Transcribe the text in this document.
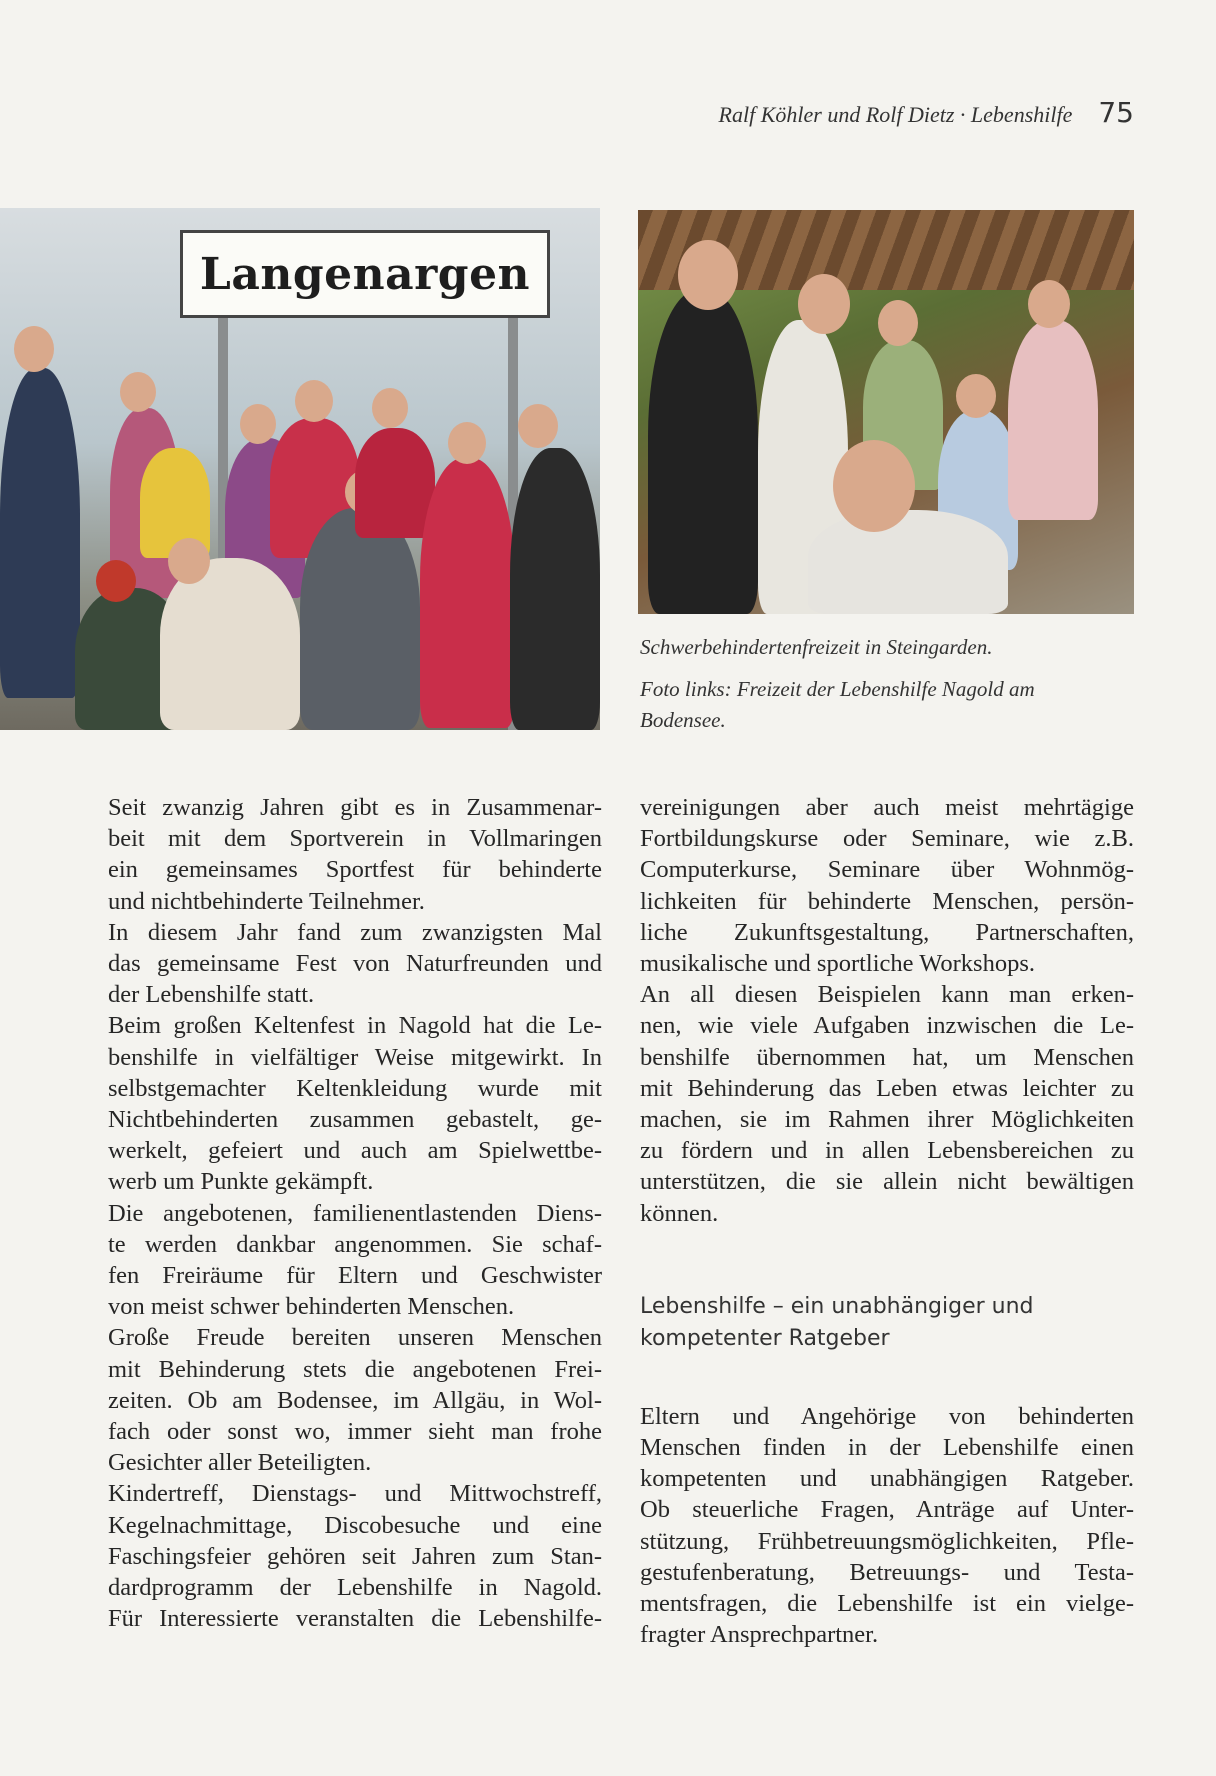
Ralf Köhler und Rolf Dietz · Lebenshilfe 75
Langenargen
Schwerbehindertenfreizeit in Steingarden.
Foto links: Freizeit der Lebenshilfe Nagold am
Bodensee.
Seit zwanzig Jahren gibt es in Zusammenar-
beit mit dem Sportverein in Vollmaringen
ein gemeinsames Sportfest für behinderte
und nichtbehinderte Teilnehmer.
In diesem Jahr fand zum zwanzigsten Mal
das gemeinsame Fest von Naturfreunden und
der Lebenshilfe statt.
Beim großen Keltenfest in Nagold hat die Le-
benshilfe in vielfältiger Weise mitgewirkt. In
selbstgemachter Keltenkleidung wurde mit
Nichtbehinderten zusammen gebastelt, ge-
werkelt, gefeiert und auch am Spielwettbe-
werb um Punkte gekämpft.
Die angebotenen, familienentlastenden Diens-
te werden dankbar angenommen. Sie schaf-
fen Freiräume für Eltern und Geschwister
von meist schwer behinderten Menschen.
Große Freude bereiten unseren Menschen
mit Behinderung stets die angebotenen Frei-
zeiten. Ob am Bodensee, im Allgäu, in Wol-
fach oder sonst wo, immer sieht man frohe
Gesichter aller Beteiligten.
Kindertreff, Dienstags- und Mittwochstreff,
Kegelnachmittage, Discobesuche und eine
Faschingsfeier gehören seit Jahren zum Stan-
dardprogramm der Lebenshilfe in Nagold.
Für Interessierte veranstalten die Lebenshilfe-
vereinigungen aber auch meist mehrtägige
Fortbildungskurse oder Seminare, wie z.B.
Computerkurse, Seminare über Wohnmög-
lichkeiten für behinderte Menschen, persön-
liche Zukunftsgestaltung, Partnerschaften,
musikalische und sportliche Workshops.
An all diesen Beispielen kann man erken-
nen, wie viele Aufgaben inzwischen die Le-
benshilfe übernommen hat, um Menschen
mit Behinderung das Leben etwas leichter zu
machen, sie im Rahmen ihrer Möglichkeiten
zu fördern und in allen Lebensbereichen zu
unterstützen, die sie allein nicht bewältigen
können.
Lebenshilfe – ein unabhängiger und
kompetenter Ratgeber
Eltern und Angehörige von behinderten
Menschen finden in der Lebenshilfe einen
kompetenten und unabhängigen Ratgeber.
Ob steuerliche Fragen, Anträge auf Unter-
stützung, Frühbetreuungsmöglichkeiten, Pfle-
gestufenberatung, Betreuungs- und Testa-
mentsfragen, die Lebenshilfe ist ein vielge-
fragter Ansprechpartner.
